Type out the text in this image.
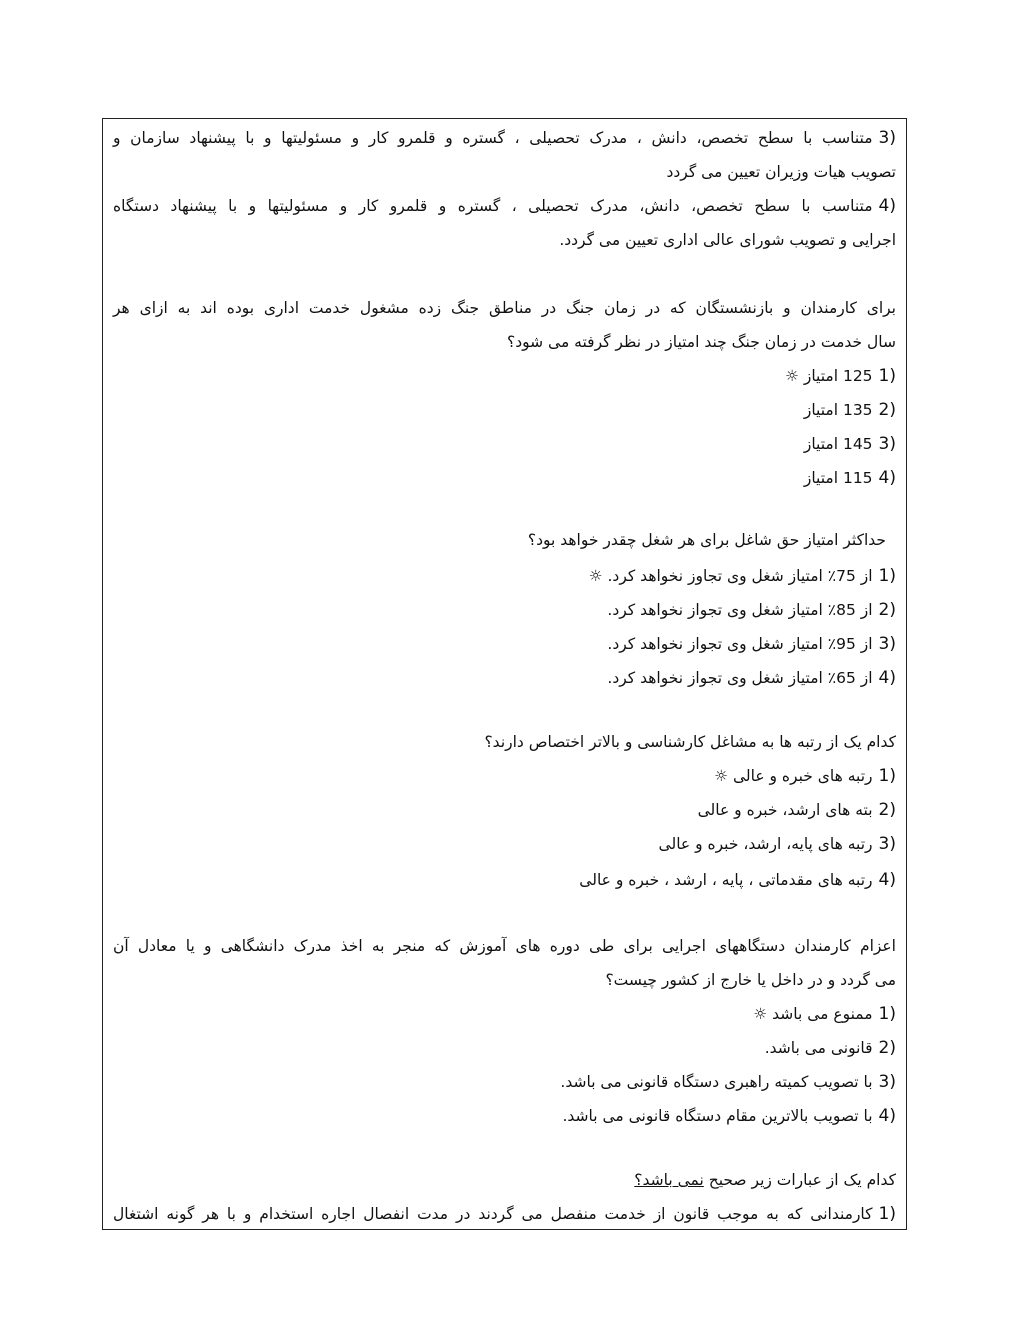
3)متناسب با سطح تخصص، دانش ، مدرک تحصیلی ، گستره و قلمرو کار و مسئولیتها و با پیشنهاد سازمان و
تصویب هیات وزیران تعیین می گردد
4)متناسب با سطح تخصص، دانش، مدرک تحصیلی ، گستره و قلمرو کار و مسئولیتها و با پیشنهاد دستگاه
اجرایی و تصویب شورای عالی اداری تعیین می گردد.
برای کارمندان و بازنشستگان که در زمان جنگ در مناطق جنگ زده مشغول خدمت اداری بوده اند به ازای هر
سال خدمت در زمان جنگ چند امتیاز در نظر گرفته می شود؟
1)125 امتیاز ☼
2)135 امتیاز
3)145 امتیاز
4)115 امتیاز
حداکثر امتیاز حق شاغل برای هر شغل چقدر خواهد بود؟
1)از 75٪ امتیاز شغل وی تجاوز نخواهد کرد. ☼
2)از 85٪ امتیاز شغل وی تجواز نخواهد کرد.
3)از 95٪ امتیاز شغل وی تجواز نخواهد کرد.
4)از 65٪ امتیاز شغل وی تجواز نخواهد کرد.
کدام یک از رتبه ها به مشاغل کارشناسی و بالاتر اختصاص دارند؟
1)رتبه های خبره و عالی ☼
2)بته های ارشد، خبره و عالی
3)رتبه های پایه، ارشد، خبره و عالی
4)رتبه های مقدماتی ، پایه ، ارشد ، خبره و عالی
اعزام کارمندان دستگاههای اجرایی برای طی دوره های آموزش که منجر به اخذ مدرک دانشگاهی و یا معادل آن
می گردد و در داخل یا خارج از کشور چیست؟
1)ممنوع می باشد ☼
2)قانونی می باشد.
3)با تصویب کمیته راهبری دستگاه قانونی می باشد.
4)با تصویب بالاترین مقام دستگاه قانونی می باشد.
کدام یک از عبارات زیر صحیح نمی باشد؟
1)کارمندانی که به موجب قانون از خدمت منفصل می گردند در مدت انفصال اجاره استخدام و با هر گونه اشتغال
